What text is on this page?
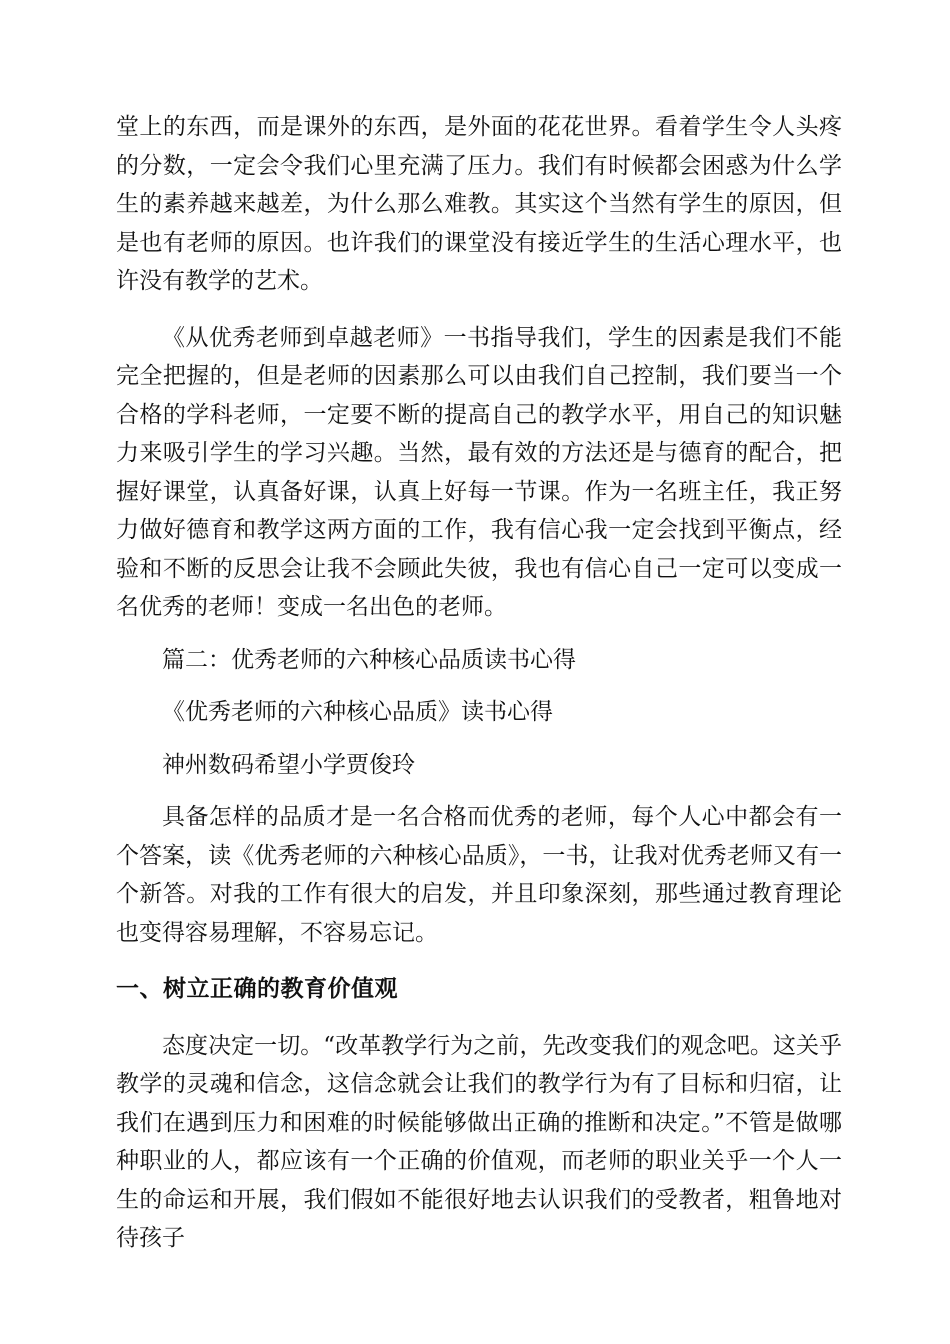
堂上的东西，而是课外的东西，是外面的花花世界。看着学生令人头疼的分数，一定会令我们心里充满了压力。我们有时候都会困惑为什么学生的素养越来越差，为什么那么难教。其实这个当然有学生的原因，但是也有老师的原因。也许我们的课堂没有接近学生的生活心理水平，也许没有教学的艺术。

《从优秀老师到卓越老师》一书指导我们，学生的因素是我们不能完全把握的，但是老师的因素那么可以由我们自己控制，我们要当一个合格的学科老师，一定要不断的提高自己的教学水平，用自己的知识魅力来吸引学生的学习兴趣。当然，最有效的方法还是与德育的配合，把握好课堂，认真备好课，认真上好每一节课。作为一名班主任，我正努力做好德育和教学这两方面的工作，我有信心我一定会找到平衡点，经验和不断的反思会让我不会顾此失彼，我也有信心自己一定可以变成一名优秀的老师！变成一名出色的老师。

篇二：优秀老师的六种核心品质读书心得

《优秀老师的六种核心品质》读书心得

神州数码希望小学贾俊玲

具备怎样的品质才是一名合格而优秀的老师，每个人心中都会有一个答案，读《优秀老师的六种核心品质》，一书，让我对优秀老师又有一个新答。对我的工作有很大的启发，并且印象深刻，那些通过教育理论也变得容易理解，不容易忘记。

一、树立正确的教育价值观

态度决定一切。“改革教学行为之前，先改变我们的观念吧。这关乎教学的灵魂和信念，这信念就会让我们的教学行为有了目标和归宿，让我们在遇到压力和困难的时候能够做出正确的推断和决定。”不管是做哪种职业的人，都应该有一个正确的价值观，而老师的职业关乎一个人一生的命运和开展，我们假如不能很好地去认识我们的受教者，粗鲁地对待孩子
